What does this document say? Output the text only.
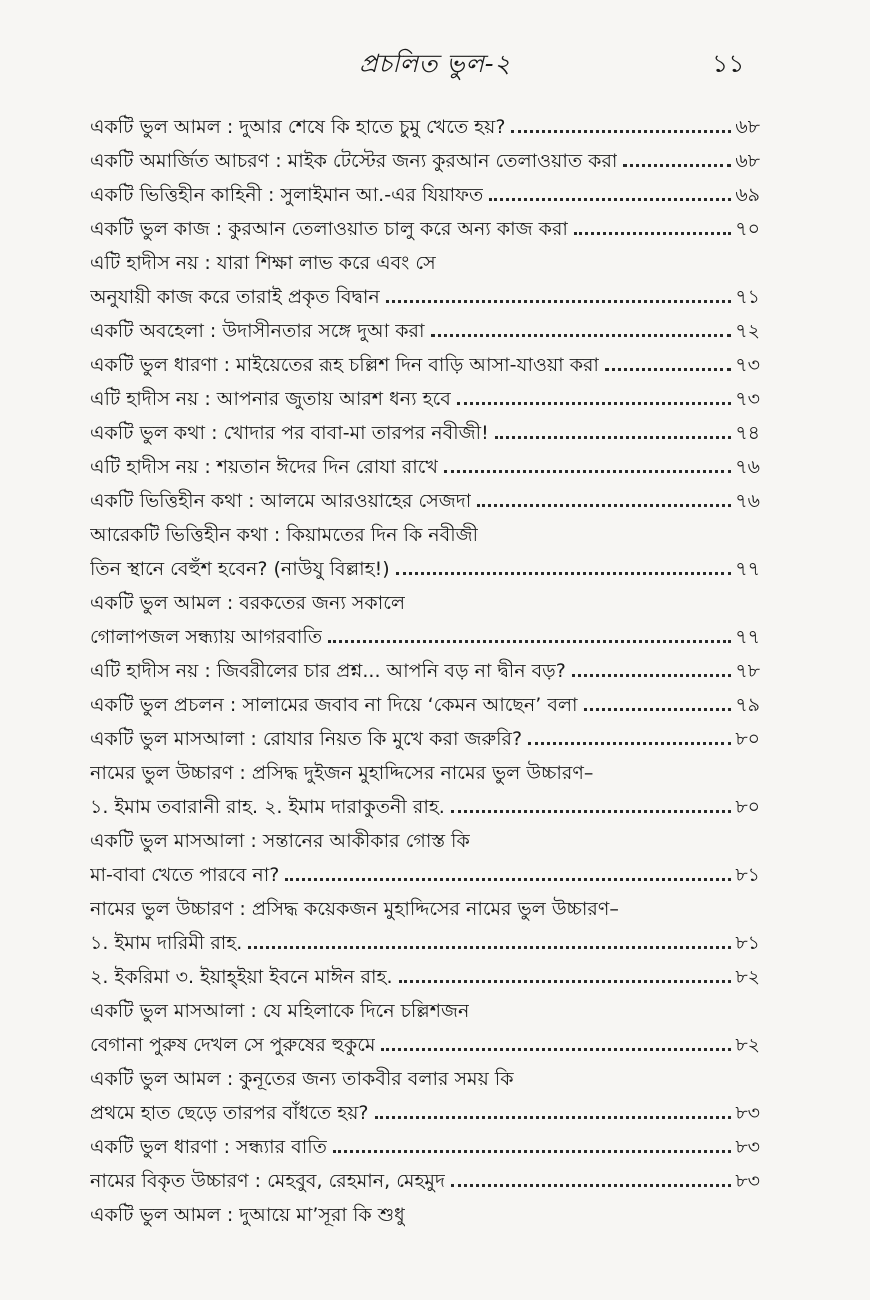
প্রচলিত ভুল-২	১১
একটি ভুল আমল : দুআর শেষে কি হাতে চুমু খেতে হয়?	৬৮
একটি অমার্জিত আচরণ : মাইক টেস্টের জন্য কুরআন তেলাওয়াত করা	৬৮
একটি ভিত্তিহীন কাহিনী : সুলাইমান আ.-এর যিয়াফত	৬৯
একটি ভুল কাজ : কুরআন তেলাওয়াত চালু করে অন্য কাজ করা	৭০
এটি হাদীস নয় : যারা শিক্ষা লাভ করে এবং সে
অনুযায়ী কাজ করে তারাই প্রকৃত বিদ্বান	৭১
একটি অবহেলা : উদাসীনতার সঙ্গে দুআ করা	৭২
একটি ভুল ধারণা : মাইয়েতের রূহ চল্লিশ দিন বাড়ি আসা-যাওয়া করা	৭৩
এটি হাদীস নয় : আপনার জুতায় আরশ ধন্য হবে	৭৩
একটি ভুল কথা : খোদার পর বাবা-মা তারপর নবীজী!	৭৪
এটি হাদীস নয় : শয়তান ঈদের দিন রোযা রাখে	৭৬
একটি ভিত্তিহীন কথা : আলমে আরওয়াহের সেজদা	৭৬
আরেকটি ভিত্তিহীন কথা : কিয়ামতের দিন কি নবীজী
তিন স্থানে বেহুঁশ হবেন? (নাউযু বিল্লাহ!)	৭৭
একটি ভুল আমল : বরকতের জন্য সকালে
গোলাপজল সন্ধ্যায় আগরবাতি	৭৭
এটি হাদীস নয় : জিবরীলের চার প্রশ্ন... আপনি বড় না দ্বীন বড়?	৭৮
একটি ভুল প্রচলন : সালামের জবাব না দিয়ে ‘কেমন আছেন’ বলা	৭৯
একটি ভুল মাসআলা : রোযার নিয়ত কি মুখে করা জরুরি?	৮০
নামের ভুল উচ্চারণ : প্রসিদ্ধ দুইজন মুহাদ্দিসের নামের ভুল উচ্চারণ–
১. ইমাম তবারানী রাহ. ২. ইমাম দারাকুতনী রাহ.	৮০
একটি ভুল মাসআলা : সন্তানের আকীকার গোস্ত কি
মা-বাবা খেতে পারবে না?	৮১
নামের ভুল উচ্চারণ : প্রসিদ্ধ কয়েকজন মুহাদ্দিসের নামের ভুল উচ্চারণ–
১. ইমাম দারিমী রাহ.	৮১
২. ইকরিমা ৩. ইয়াহ্ইয়া ইবনে মাঈন রাহ.	৮২
একটি ভুল মাসআলা : যে মহিলাকে দিনে চল্লিশজন
বেগানা পুরুষ দেখল সে পুরুষের হুকুমে	৮২
একটি ভুল আমল : কুনূতের জন্য তাকবীর বলার সময় কি
প্রথমে হাত ছেড়ে তারপর বাঁধতে হয়?	৮৩
একটি ভুল ধারণা : সন্ধ্যার বাতি	৮৩
নামের বিকৃত উচ্চারণ : মেহবুব, রেহমান, মেহমুদ	৮৩
একটি ভুল আমল : দুআয়ে মা’সূরা কি শুধু
